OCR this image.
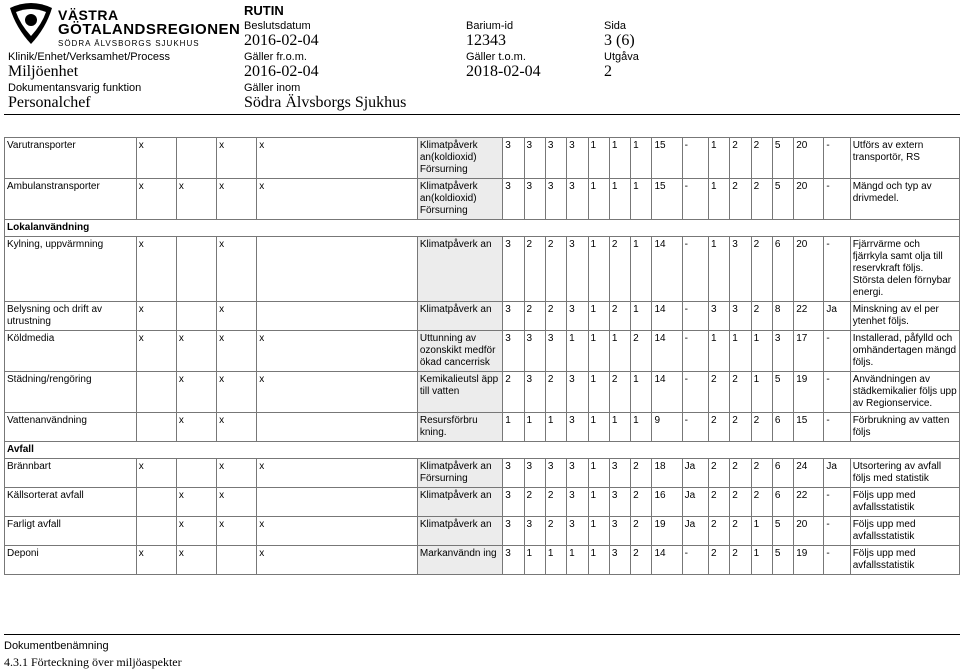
VÄSTRA
GÖTALANDSREGIONEN
SÖDRA ÄLVSBORGS SJUKHUS
RUTIN
Beslutsdatum
2016-02-04
Barium-id
12343
Sida
3 (6)
Klinik/Enhet/Verksamhet/Process
Miljöenhet
Gäller fr.o.m.
2016-02-04
Gäller t.o.m.
2018-02-04
Utgåva
2
Dokumentansvarig funktion
Personalchef
Gäller inom
Södra Älvsborgs Sjukhus
Varutransporter	x		x	x	Klimatpåverk an(koldioxid) Försurning	3	3	3	3	1	1	1	15	-	1	2	2	5	20	-	Utförs av extern transportör, RS
Ambulanstransporter	x	x	x	x	Klimatpåverk an(koldioxid) Försurning	3	3	3	3	1	1	1	15	-	1	2	2	5	20	-	Mängd och typ av drivmedel.
Lokalanvändning																					
Kylning, uppvärmning	x		x		Klimatpåverk an	3	2	2	3	1	2	1	14	-	1	3	2	6	20	-	Fjärrvärme och fjärrkyla samt olja till reservkraft följs. Största delen förnybar energi.
Belysning och drift av utrustning	x		x		Klimatpåverk an	3	2	2	3	1	2	1	14	-	3	3	2	8	22	Ja	Minskning av el per ytenhet följs.
Köldmedia	x	x	x	x	Uttunning av ozonskikt medför ökad cancerrisk	3	3	3	1	1	1	2	14	-	1	1	1	3	17	-	Installerad, påfylld och omhändertagen mängd följs.
Städning/rengöring		x	x	x	Kemikalieutsl äpp till vatten	2	3	2	3	1	2	1	14	-	2	2	1	5	19	-	Användningen av städkemikalier följs upp av Regionservice.
Vattenanvändning		x	x		Resursförbru kning.	1	1	1	3	1	1	1	9	-	2	2	2	6	15	-	Förbrukning av vatten följs
Avfall																					
Brännbart	x		x	x	Klimatpåverk an Försurning	3	3	3	3	1	3	2	18	Ja	2	2	2	6	24	Ja	Utsortering av avfall följs med statistik
Källsorterat avfall		x	x		Klimatpåverk an	3	2	2	3	1	3	2	16	Ja	2	2	2	6	22	-	Följs upp med avfallsstatistik
Farligt avfall		x	x	x	Klimatpåverk an	3	3	2	3	1	3	2	19	Ja	2	2	1	5	20	-	Följs upp med avfallsstatistik
Deponi	x	x		x	Markanvändn ing	3	1	1	1	1	3	2	14	-	2	2	1	5	19	-	Följs upp med avfallsstatistik
Dokumentbenämning
4.3.1 Förteckning över miljöaspekter
